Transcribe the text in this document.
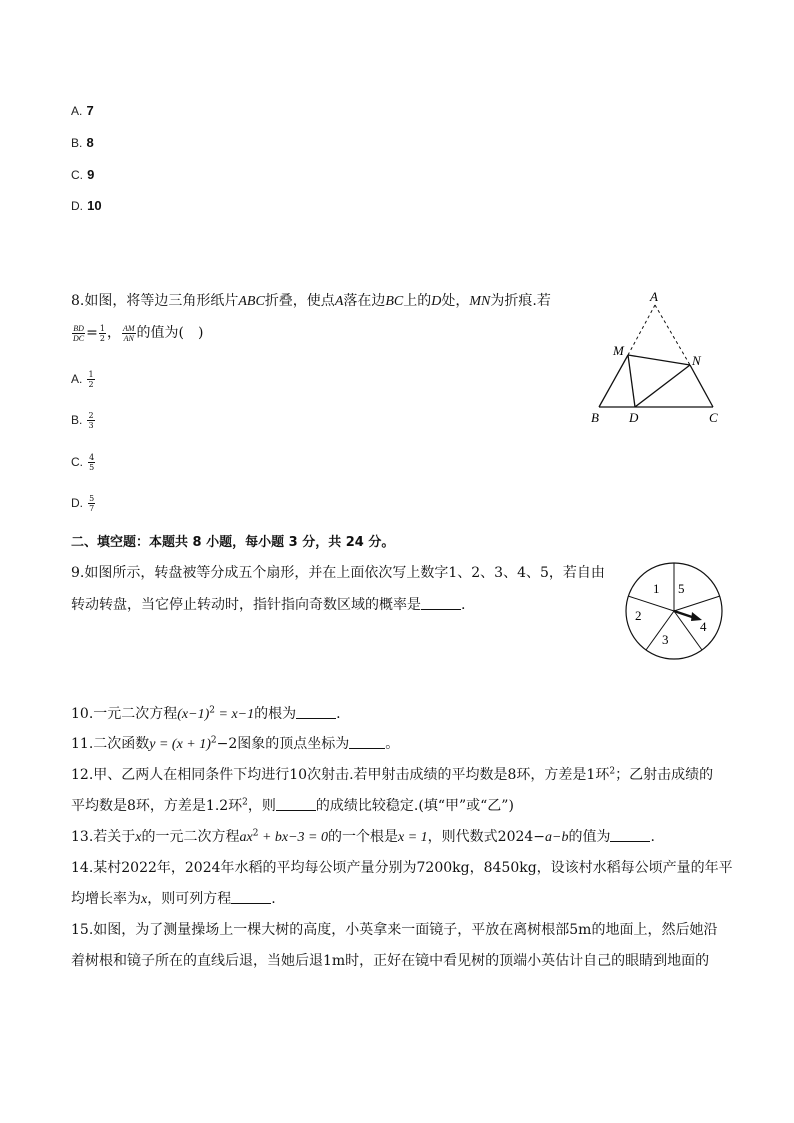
A. 7
B. 8
C. 9
D. 10
8.如图，将等边三角形纸片ABC折叠，使点A落在边BC上的D处，MN为折痕.若
$\frac{BD}{DC} = \frac{1}{2}$ ， $\frac{AM}{AN}$ 的值为(　)
A. $\frac{1}{2}$
B. $\frac{2}{3}$
C. $\frac{4}{5}$
D. $\frac{5}{7}$
A
M
N
B D	C
二、填空题：本题共 8 小题，每小题 3 分，共 24 分。
9.如图所示，转盘被等分成五个扇形，并在上面依次写上数字1、2、3、4、5，若自由
转动转盘，当它停止转动时，指针指向奇数区域的概率是	.
1
2
3
4
5
10.一元二次方程$(x-1)^2 = x-1$的根为	.
11.二次函数$y = (x + 1)^2-2$图象的顶点坐标为	。
12.甲、乙两人在相同条件下均进行10次射击.若甲射击成绩的平均数是8环，方差是1环$^2$；乙射击成绩的
平均数是8环，方差是1.2环$^2$，则	的成绩比较稳定.(填“甲”或“乙”)
13.若关于x的一元二次方程$ax^2 + bx-3 = 0$的一个根是x = 1，则代数式2024−a−b的值为	.
14.某村2022年，2024年水稻的平均每公顷产量分别为7200kg，8450kg，设该村水稻每公顷产量的年平
均增长率为x，则可列方程	.
15.如图，为了测量操场上一棵大树的高度，小英拿来一面镜子，平放在离树根部5m的地面上，然后她沿
着树根和镜子所在的直线后退，当她后退1m时，正好在镜中看见树的顶端小英估计自己的眼睛到地面的
